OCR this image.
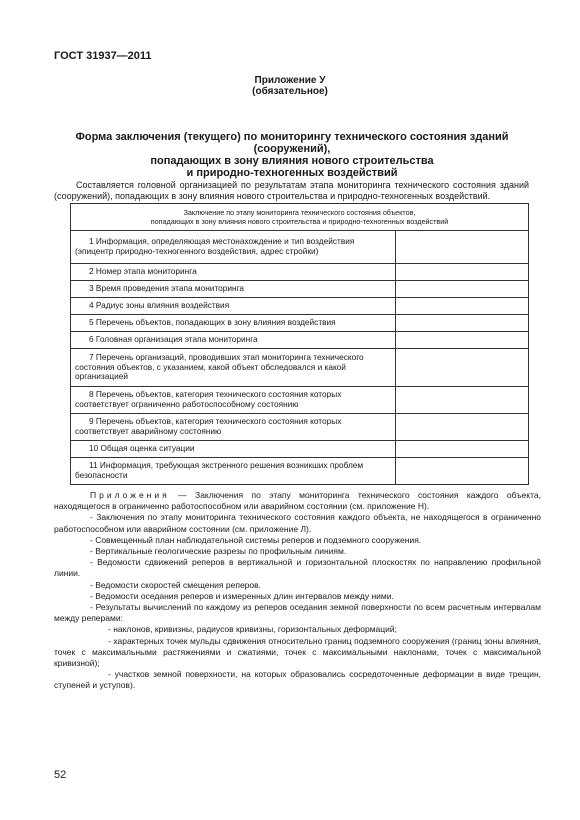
ГОСТ 31937—2011
Приложение У
(обязательное)
Форма заключения (текущего) по мониторингу технического состояния зданий (сооружений),
попадающих в зону влияния нового строительства
и природно-техногенных воздействий
Составляется головной организацией по результатам этапа мониторинга технического состояния зданий (сооружений), попадающих в зону влияния нового строительства и природно-техногенных воздействий.
Заключение по этапу мониторинга технического состояния объектов,
попадающих в зону влияния нового строительства и природно-техногенных воздействий	

1 Информация, определяющая местонахождение и тип воздействия (эпицентр природно-техногенного воздействия, адрес стройки)	
2 Номер этапа мониторинга	
3 Время проведения этапа мониторинга	
4 Радиус зоны влияния воздействия	
5 Перечень объектов, попадающих в зону влияния воздействия	
6 Головная организация этапа мониторинга	
7 Перечень организаций, проводивших этап мониторинга технического состояния объектов, с указанием, какой объект обследовался и какой организацией	
8 Перечень объектов, категория технического состояния которых соответствует ограниченно работоспособному состоянию	
9 Перечень объектов, категория технического состояния которых соответствует аварийному состоянию	
10 Общая оценка ситуации	
11 Информация, требующая экстренного решения возникших проблем безопасности	

Приложения — Заключения по этапу мониторинга технического состояния каждого объекта, находящегося в ограниченно работоспособном или аварийном состоянии (см. приложение Н).

- Заключения по этапу мониторинга технического состояния каждого объекта, не находящегося в ограниченно работоспособном или аварийном состоянии (см. приложение Л).

- Совмещенный план наблюдательной системы реперов и подземного сооружения.

- Вертикальные геологические разрезы по профильным линиям.

- Ведомости сдвижений реперов в вертикальной и горизонтальной плоскостях по направлению профильной линии.

- Ведомости скоростей смещения реперов.

- Ведомости оседания реперов и измеренных длин интервалов между ними.

- Результаты вычислений по каждому из реперов оседания земной поверхности по всем расчетным интервалам между реперами:

- наклонов, кривизны, радиусов кривизны, горизонтальных деформаций;

- характерных точек мульды сдвижения относительно границ подземного сооружения (границ зоны влияния, точек с максимальными растяжениями и сжатиями, точек с максимальными наклонами, точек с максимальной кривизной);

- участков земной поверхности, на которых образовались сосредоточенные деформации в виде трещин, ступеней и уступов).

52
